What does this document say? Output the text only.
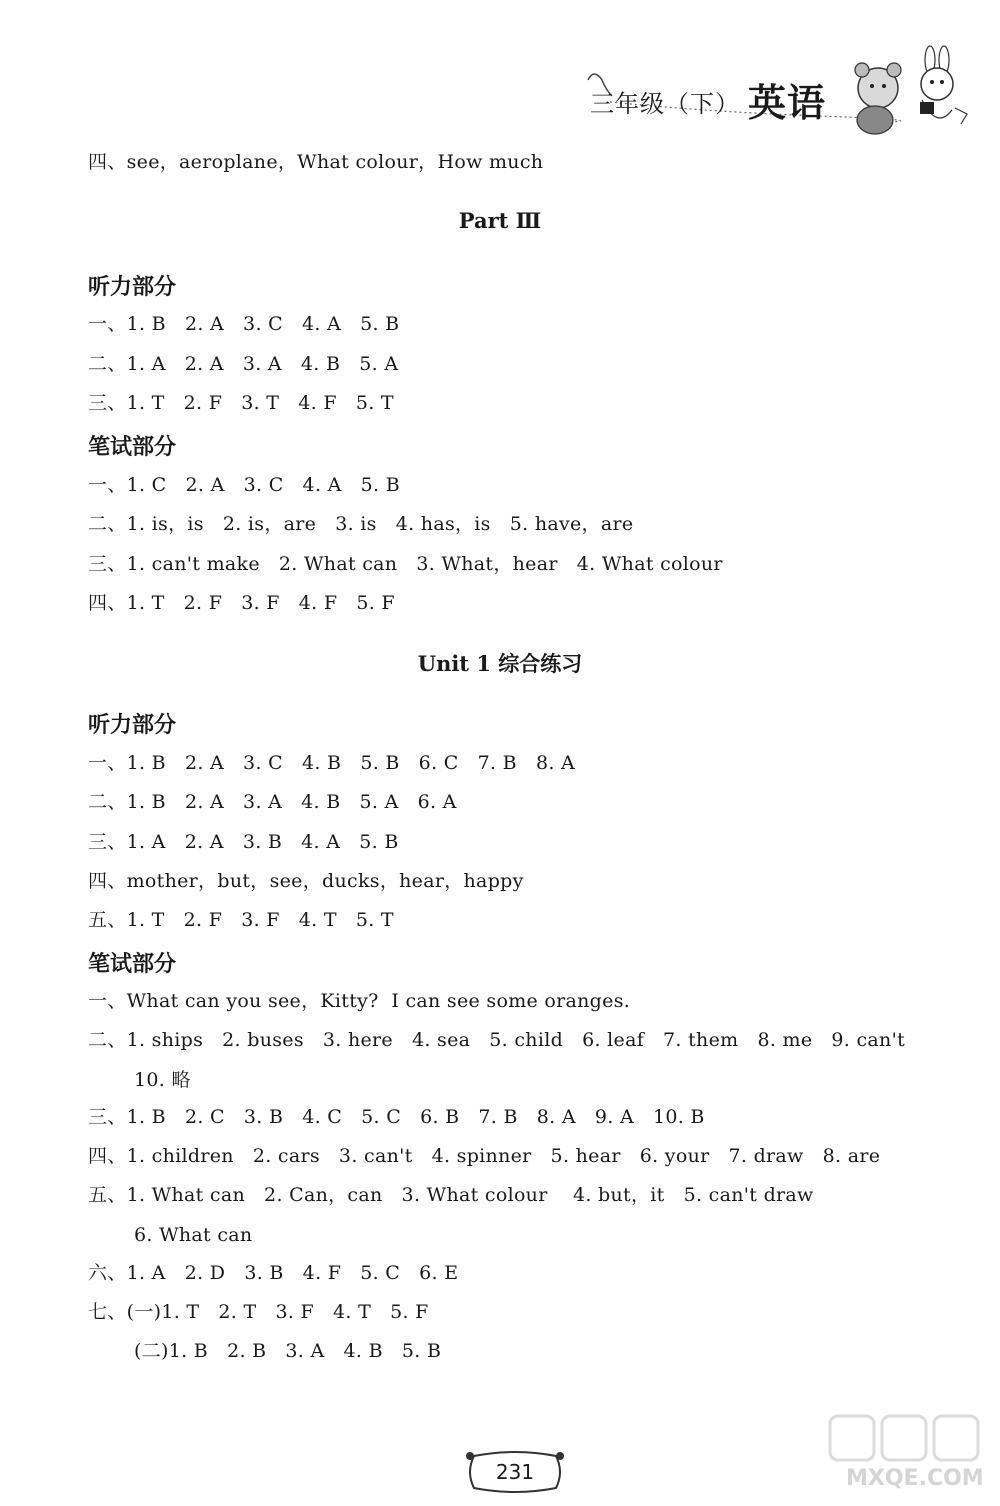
三年级（下） 英语
四、see，aeroplane，What colour，How much
Part Ⅲ
听力部分
一、1. B   2. A   3. C   4. A   5. B
二、1. A   2. A   3. A   4. B   5. A
三、1. T   2. F   3. T   4. F   5. T
笔试部分
一、1. C   2. A   3. C   4. A   5. B
二、1. is，is   2. is，are   3. is   4. has，is   5. have，are
三、1. can't make   2. What can   3. What，hear   4. What colour
四、1. T   2. F   3. F   4. F   5. F
Unit 1 综合练习
听力部分
一、1. B   2. A   3. C   4. B   5. B   6. C   7. B   8. A
二、1. B   2. A   3. A   4. B   5. A   6. A
三、1. A   2. A   3. B   4. A   5. B
四、mother，but，see，ducks，hear，happy
五、1. T   2. F   3. F   4. T   5. T
笔试部分
一、What can you see，Kitty?  I can see some oranges.
二、1. ships   2. buses   3. here   4. sea   5. child   6. leaf   7. them   8. me   9. can't
10. 略
三、1. B   2. C   3. B   4. C   5. C   6. B   7. B   8. A   9. A   10. B
四、1. children   2. cars   3. can't   4. spinner   5. hear   6. your   7. draw   8. are
五、1. What can   2. Can，can   3. What colour    4. but，it   5. can't draw
6. What can
六、1. A   2. D   3. B   4. F   5. C   6. E
七、(一)1. T   2. T   3. F   4. T   5. F
(二)1. B   2. B   3. A   4. B   5. B
231	MXQE.COM
